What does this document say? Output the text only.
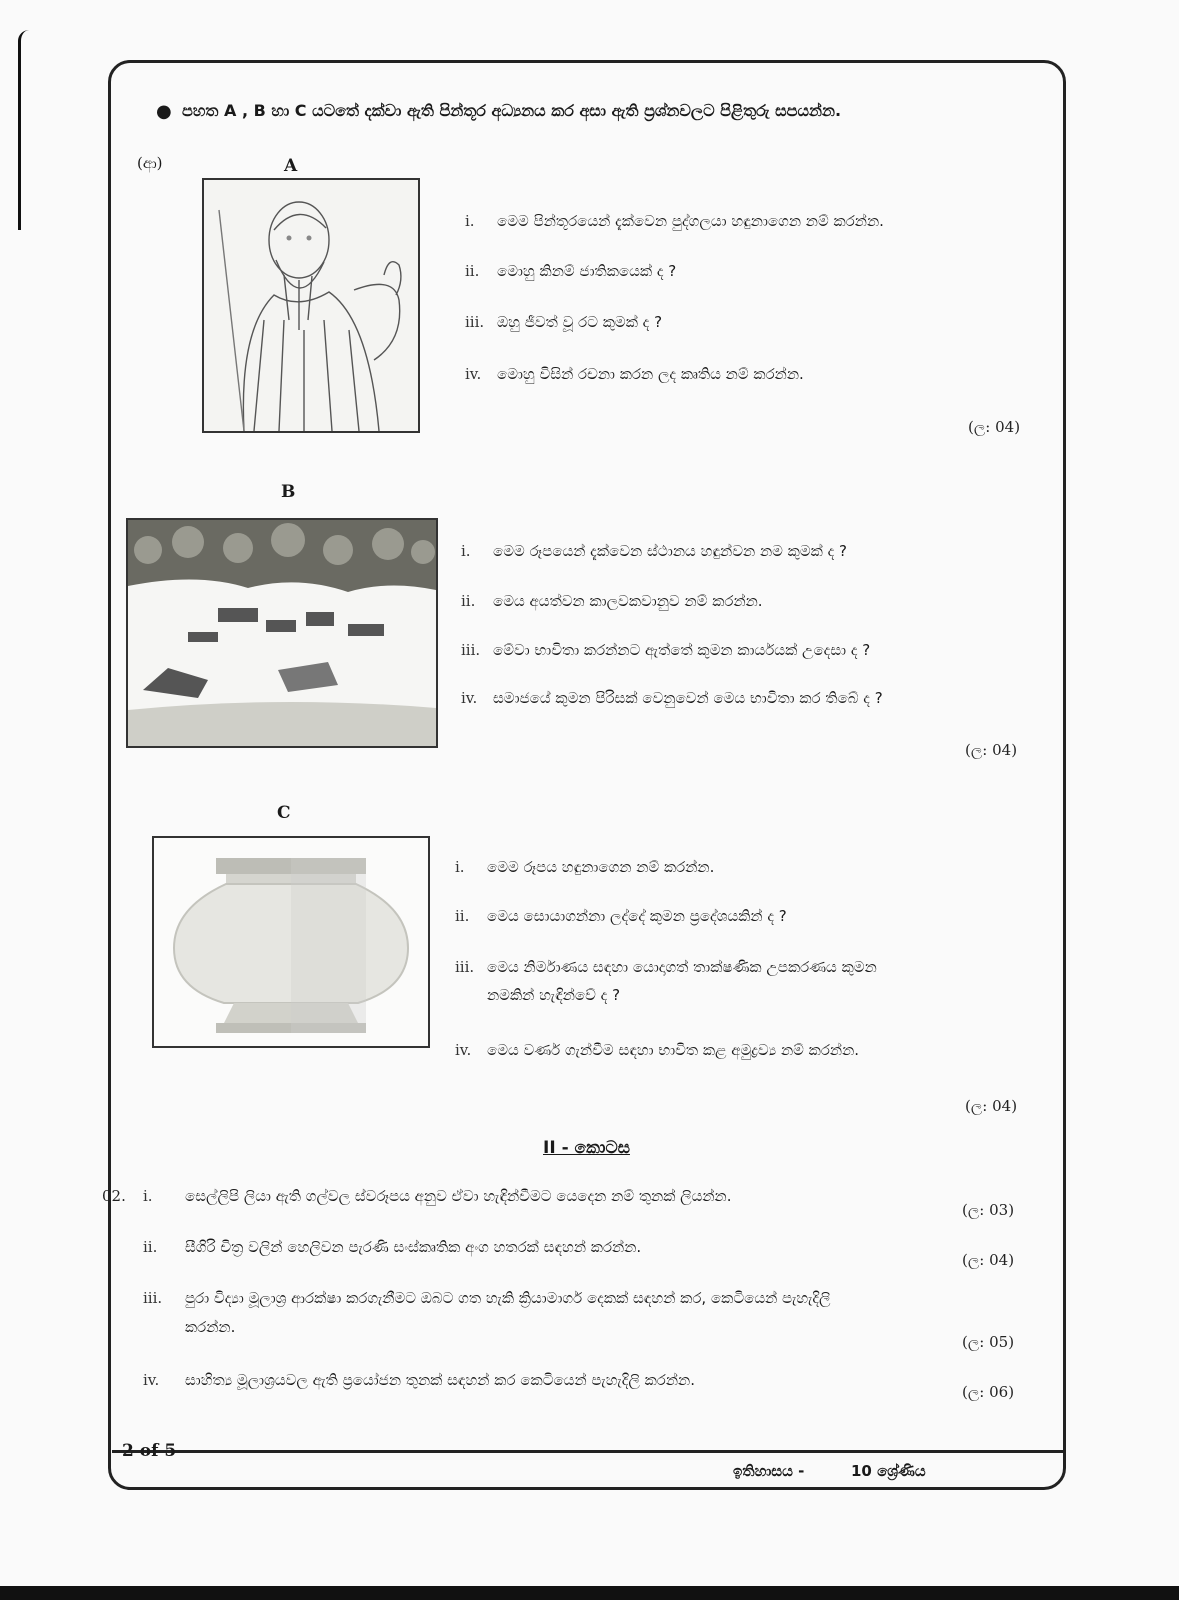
● පහත A , B හා C යටතේ දක්වා ඇති පින්තූර අධ්‍යනය කර අසා ඇති ප්‍රශ්නවලට පිළිතුරු සපයන්න.
(ආ)	A
i. මෙම පින්තූරයෙන් දැක්වෙන පුද්ගලයා හඳුනාගෙන නම් කරන්න.
ii. මොහු කිනම් ජාතිකයෙක් ද ?
iii. ඔහු ජීවත් වූ රට කුමක් ද ?
iv. මොහු විසින් රචනා කරන ලද කෘතිය නම් කරන්න.
(ල: 04)
B
i. මෙම රූපයෙන් දැක්වෙන ස්ථානය හඳුන්වන නම කුමක් ද ?
ii. මෙය අයත්වන කාලවකවානුව නම් කරන්න.
iii. මේවා භාවිතා කරන්නට ඇත්තේ කුමන කාර්යයක් උදෙසා ද ?
iv. සමාජයේ කුමන පිරිසක් වෙනුවෙන් මෙය භාවිතා කර තිබේ ද ?
(ල: 04)
C
i. මෙම රූපය හඳුනාගෙන නම් කරන්න.
ii. මෙය සොයාගන්නා ලද්දේ කුමන ප්‍රදේශයකින් ද ?
iii. මෙය නිර්මාණය සඳහා යොදාගත් තාක්ෂණික උපකරණය කුමන
නමකින් හැඳින්වේ ද ?
iv. මෙය වර්ණ ගැන්වීම සඳහා භාවිත කළ අමුද්‍රව්‍ය නම් කරන්න.
(ල: 04)
II - කොටස
02. i. සෙල්ලිපි ලියා ඇති ගල්වල ස්වරූපය අනුව ඒවා හැඳින්වීමට යෙදෙන නම් තුනක් ලියන්න.
(ල: 03)
ii. සීගිරි චිත්‍ර වලින් හෙලිවන පැරණි සංස්කෘතික අංග හතරක් සඳහන් කරන්න.
(ල: 04)
iii. පුරා විද්‍යා මූලාශ්‍ර ආරක්ෂා කරගැනීමට ඔබට ගත හැකි ක්‍රියාමාර්ග දෙකක් සඳහන් කර, කෙටියෙන් පැහැදිලි
කරන්න.
(ල: 05)
iv. සාහිත්‍ය මූලාශ්‍රයවල ඇති ප්‍රයෝජන තුනක් සඳහන් කර කෙටියෙන් පැහැදිලි කරන්න.
(ල: 06)
2 of 5
ඉතිහාසය -	10 ශ්‍රේණිය
